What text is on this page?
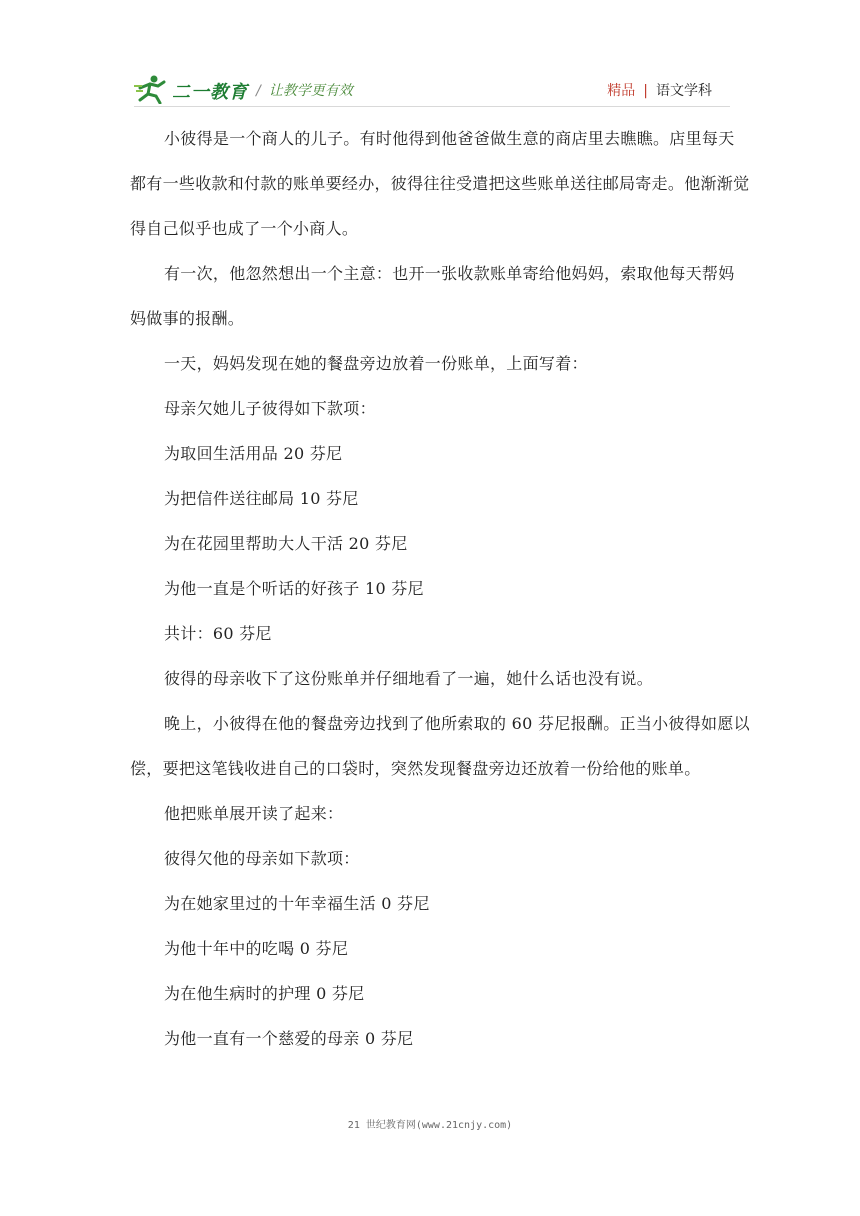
二一教育 / 让教学更有效	精品 | 语文学科

小彼得是一个商人的儿子。有时他得到他爸爸做生意的商店里去瞧瞧。店里每天都有一些收款和付款的账单要经办，彼得往往受遣把这些账单送往邮局寄走。他渐渐觉得自己似乎也成了一个小商人。

有一次，他忽然想出一个主意：也开一张收款账单寄给他妈妈，索取他每天帮妈妈做事的报酬。

一天，妈妈发现在她的餐盘旁边放着一份账单，上面写着：

母亲欠她儿子彼得如下款项：

为取回生活用品 20 芬尼

为把信件送往邮局 10 芬尼

为在花园里帮助大人干活 20 芬尼

为他一直是个听话的好孩子 10 芬尼

共计：60 芬尼

彼得的母亲收下了这份账单并仔细地看了一遍，她什么话也没有说。

晚上，小彼得在他的餐盘旁边找到了他所索取的 60 芬尼报酬。正当小彼得如愿以偿，要把这笔钱收进自己的口袋时，突然发现餐盘旁边还放着一份给他的账单。

他把账单展开读了起来：

彼得欠他的母亲如下款项：

为在她家里过的十年幸福生活 0 芬尼

为他十年中的吃喝 0 芬尼

为在他生病时的护理 0 芬尼

为他一直有一个慈爱的母亲 0 芬尼

21 世纪教育网(www.21cnjy.com)
